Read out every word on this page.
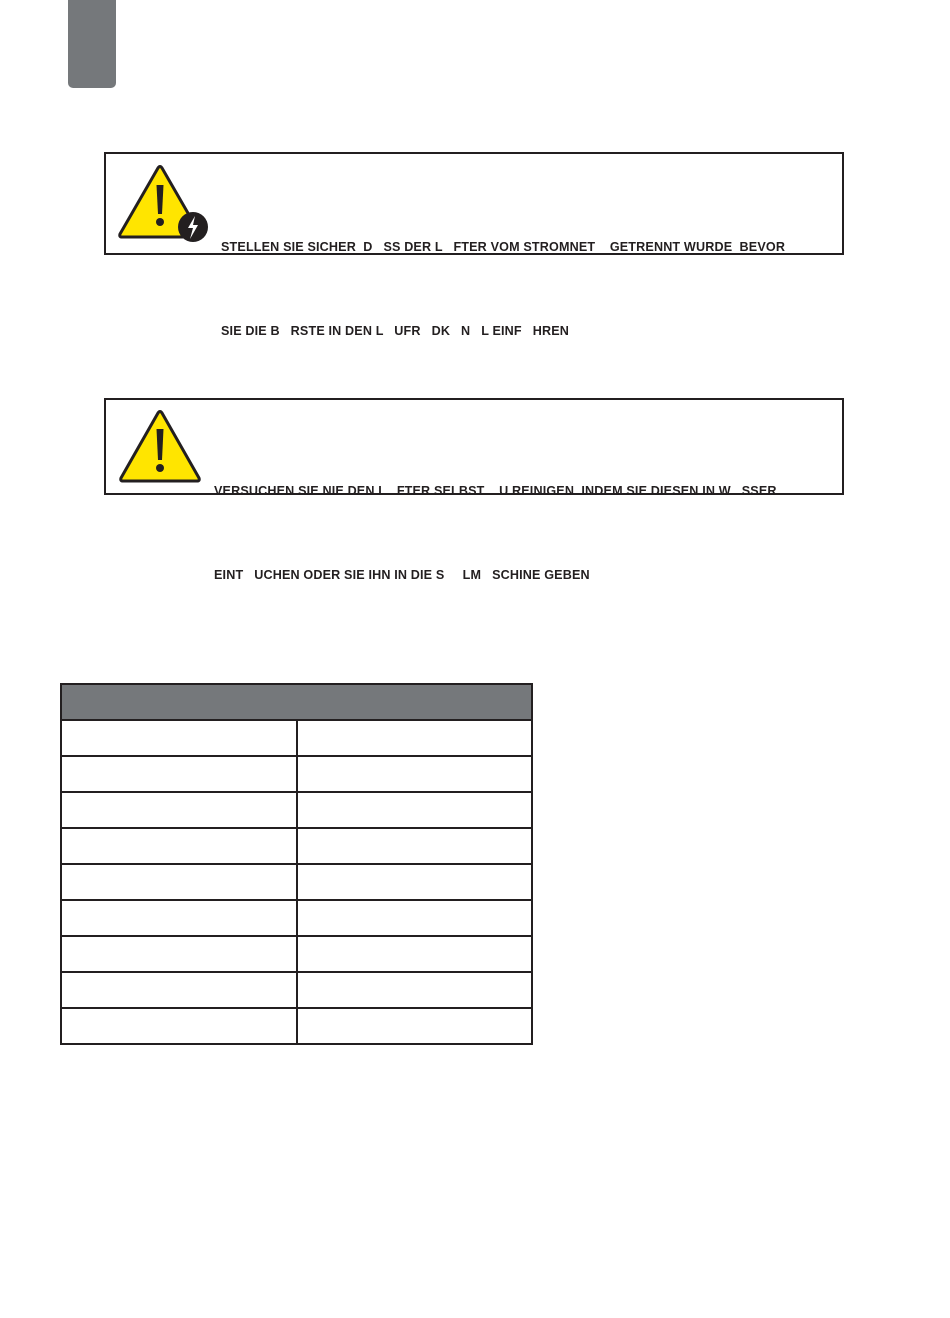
STELLEN SIE SICHER  D   SS DER L   FTER VOM STROMNET    GETRENNT WURDE  BEVOR

SIE DIE B   RSTE IN DEN L   UFR   DK   N   L EINF   HREN

VERSUCHEN SIE NIE DEN L   FTER SELBST    U REINIGEN  INDEM SIE DIESEN IN W   SSER

EINT   UCHEN ODER SIE IHN IN DIE S     LM   SCHINE GEBEN
